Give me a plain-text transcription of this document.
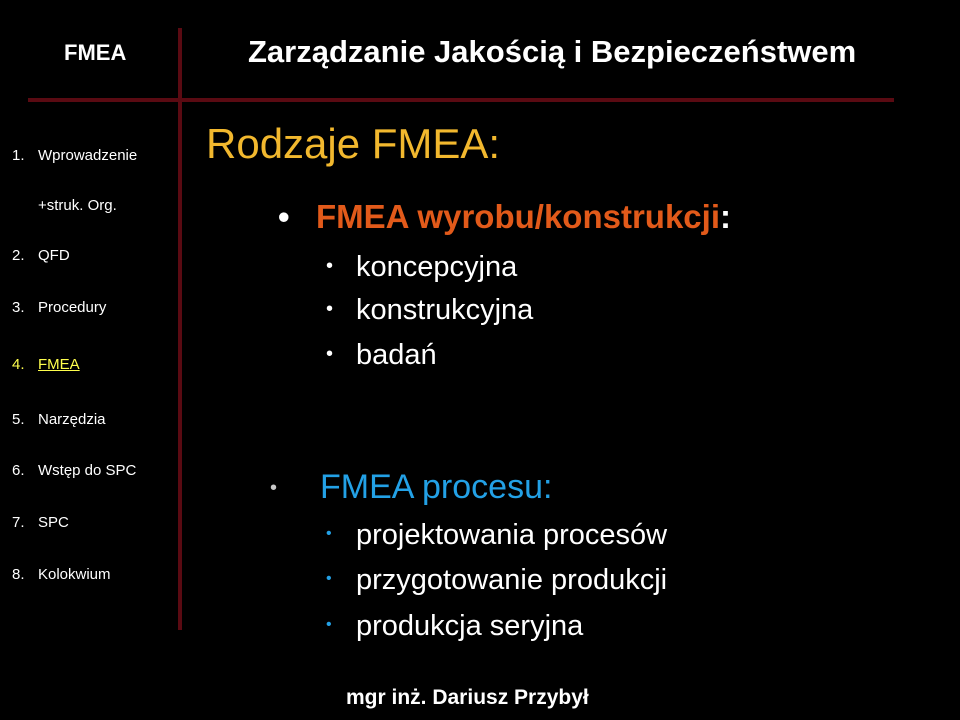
FMEA	Zarządzanie Jakością i Bezpieczeństwem
1. Wprowadzenie
+struk. Org.
2. QFD
3. Procedury
4. FMEA
5. Narzędzia
6. Wstęp do SPC
7. SPC
8. Kolokwium
Rodzaje FMEA:
• FMEA wyrobu/konstrukcji:
• koncepcyjna
• konstrukcyjna
• badań
•	FMEA procesu:
• projektowania procesów
• przygotowanie produkcji
• produkcja seryjna
mgr inż. Dariusz Przybył
